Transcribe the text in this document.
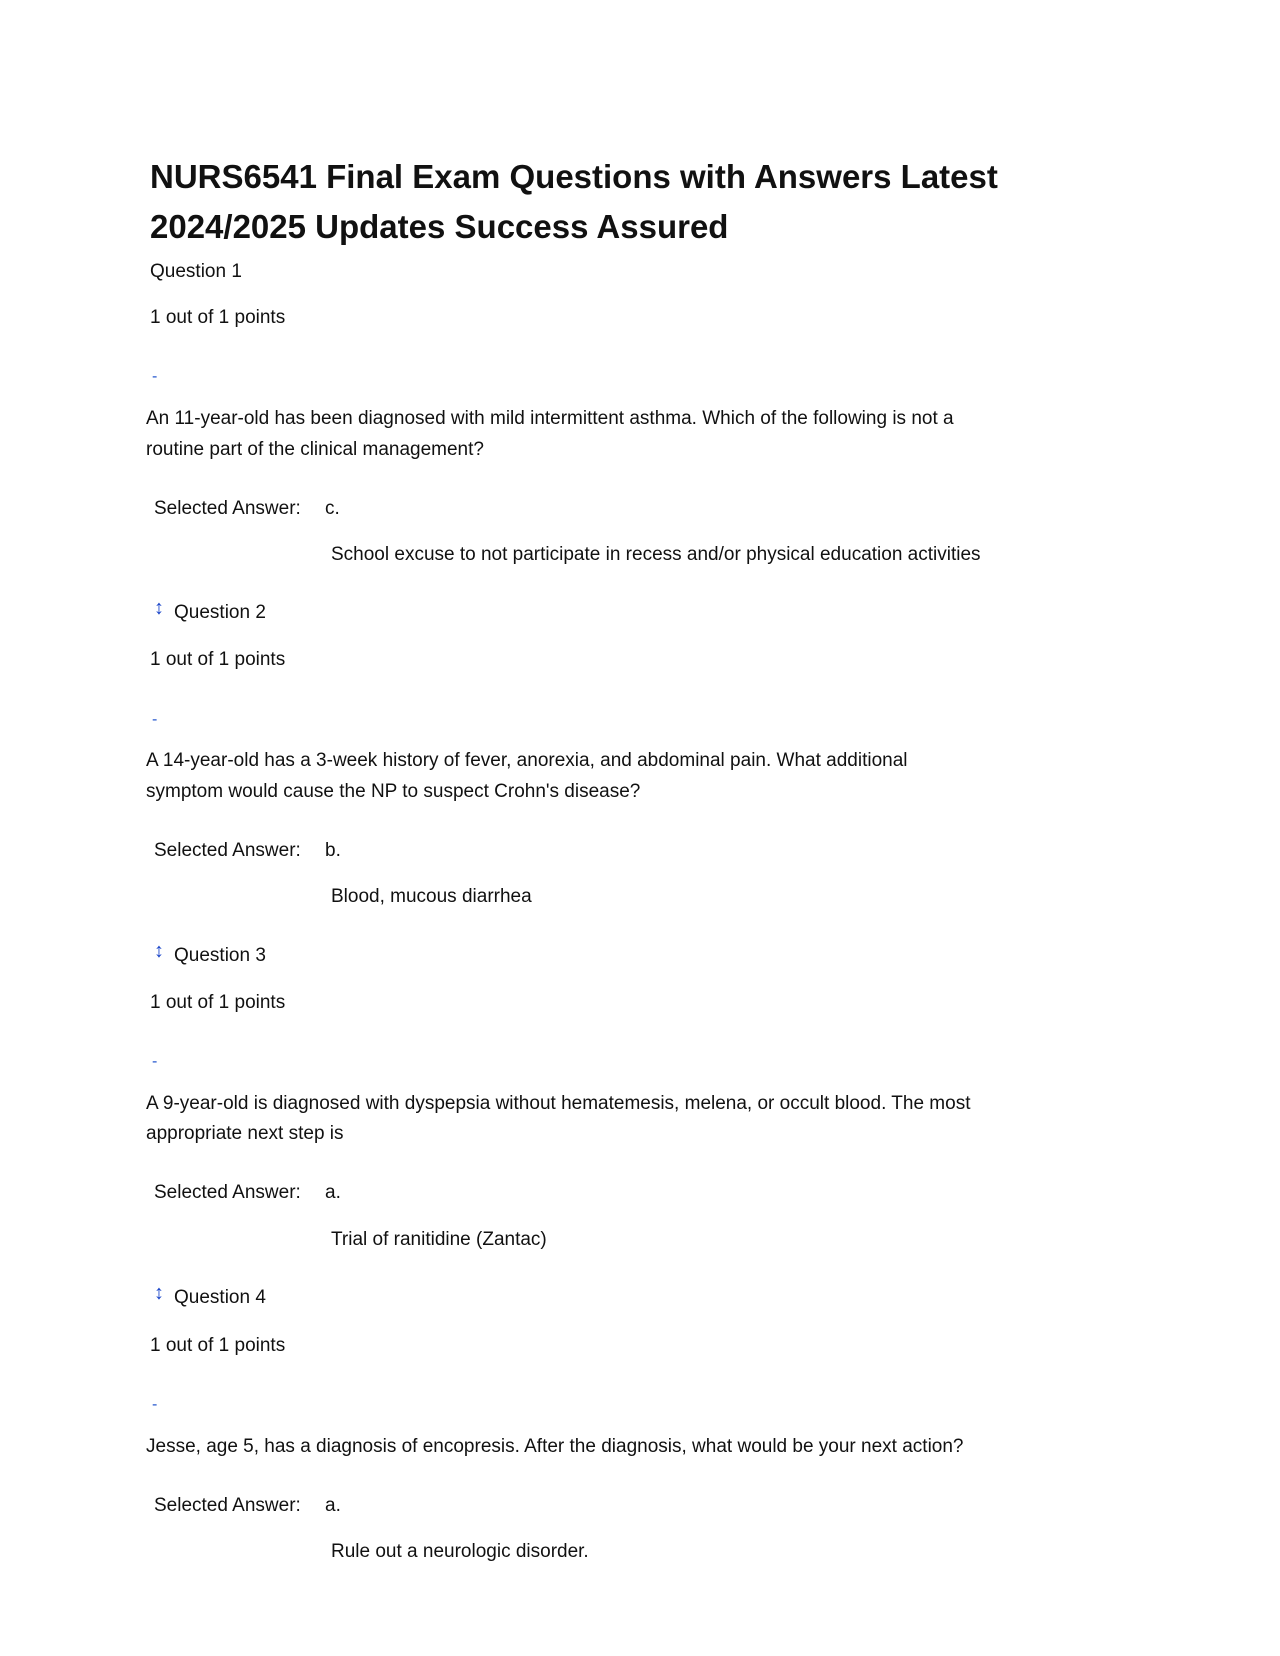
NURS6541 Final Exam Questions with Answers Latest
2024/2025 Updates Success Assured
Question 1
1 out of 1 points
-
An 11-year-old has been diagnosed with mild intermittent asthma. Which of the following is not a
routine part of the clinical management?
Selected Answer: c.
School excuse to not participate in recess and/or physical education activities
↕ Question 2
1 out of 1 points
-
A 14-year-old has a 3-week history of fever, anorexia, and abdominal pain. What additional
symptom would cause the NP to suspect Crohn's disease?
Selected Answer: b.
Blood, mucous diarrhea
↕ Question 3
1 out of 1 points
-
A 9-year-old is diagnosed with dyspepsia without hematemesis, melena, or occult blood. The most
appropriate next step is
Selected Answer: a.
Trial of ranitidine (Zantac)
↕ Question 4
1 out of 1 points
-
Jesse, age 5, has a diagnosis of encopresis. After the diagnosis, what would be your next action?
Selected Answer: a.
Rule out a neurologic disorder.
